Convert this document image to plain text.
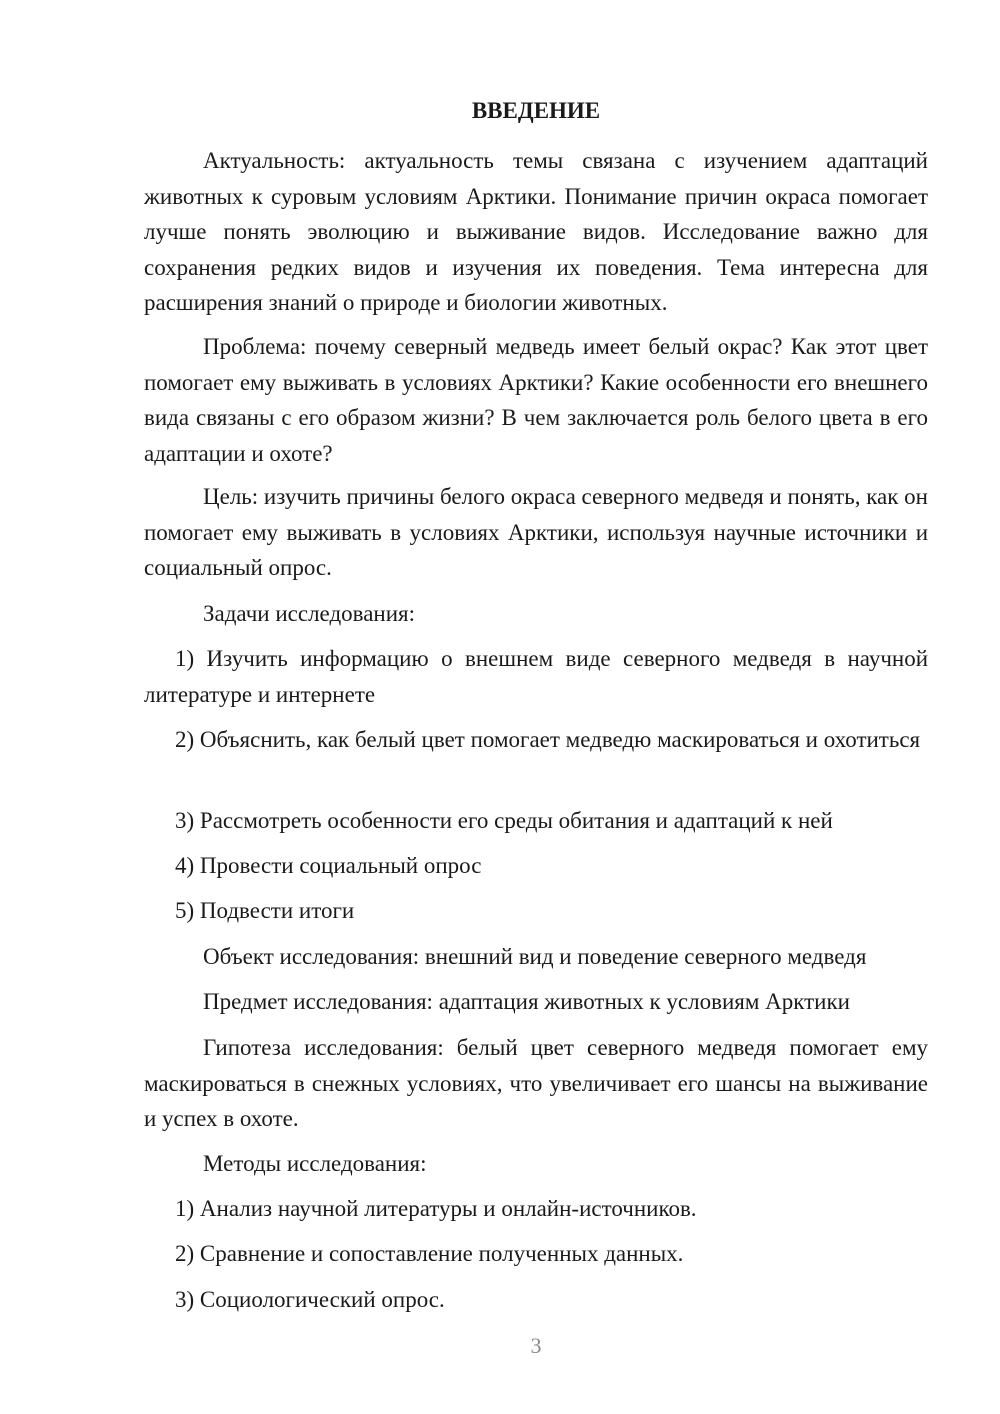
ВВЕДЕНИЕ

Актуальность: актуальность темы связана с изучением адаптаций животных к суровым условиям Арктики. Понимание причин окраса помогает лучше понять эволюцию и выживание видов. Исследование важно для сохранения редких видов и изучения их поведения. Тема интересна для расширения знаний о природе и биологии животных.

Проблема: почему северный медведь имеет белый окрас? Как этот цвет помогает ему выживать в условиях Арктики? Какие особенности его внешнего вида связаны с его образом жизни? В чем заключается роль белого цвета в его адаптации и охоте?

Цель: изучить причины белого окраса северного медведя и понять, как он помогает ему выживать в условиях Арктики, используя научные источники и социальный опрос.

Задачи исследования:

1) Изучить информацию о внешнем виде северного медведя в научной литературе и интернете

2) Объяснить, как белый цвет помогает медведю маскироваться и охотиться

3) Рассмотреть особенности его среды обитания и адаптаций к ней
4) Провести социальный опрос
5) Подвести итоги
Объект исследования: внешний вид и поведение северного медведя
Предмет исследования: адаптация животных к условиям Арктики

Гипотеза исследования: белый цвет северного медведя помогает ему маскироваться в снежных условиях, что увеличивает его шансы на выживание и успех в охоте.

Методы исследования:
1) Анализ научной литературы и онлайн-источников.
2) Сравнение и сопоставление полученных данных.
3) Социологический опрос.
3
